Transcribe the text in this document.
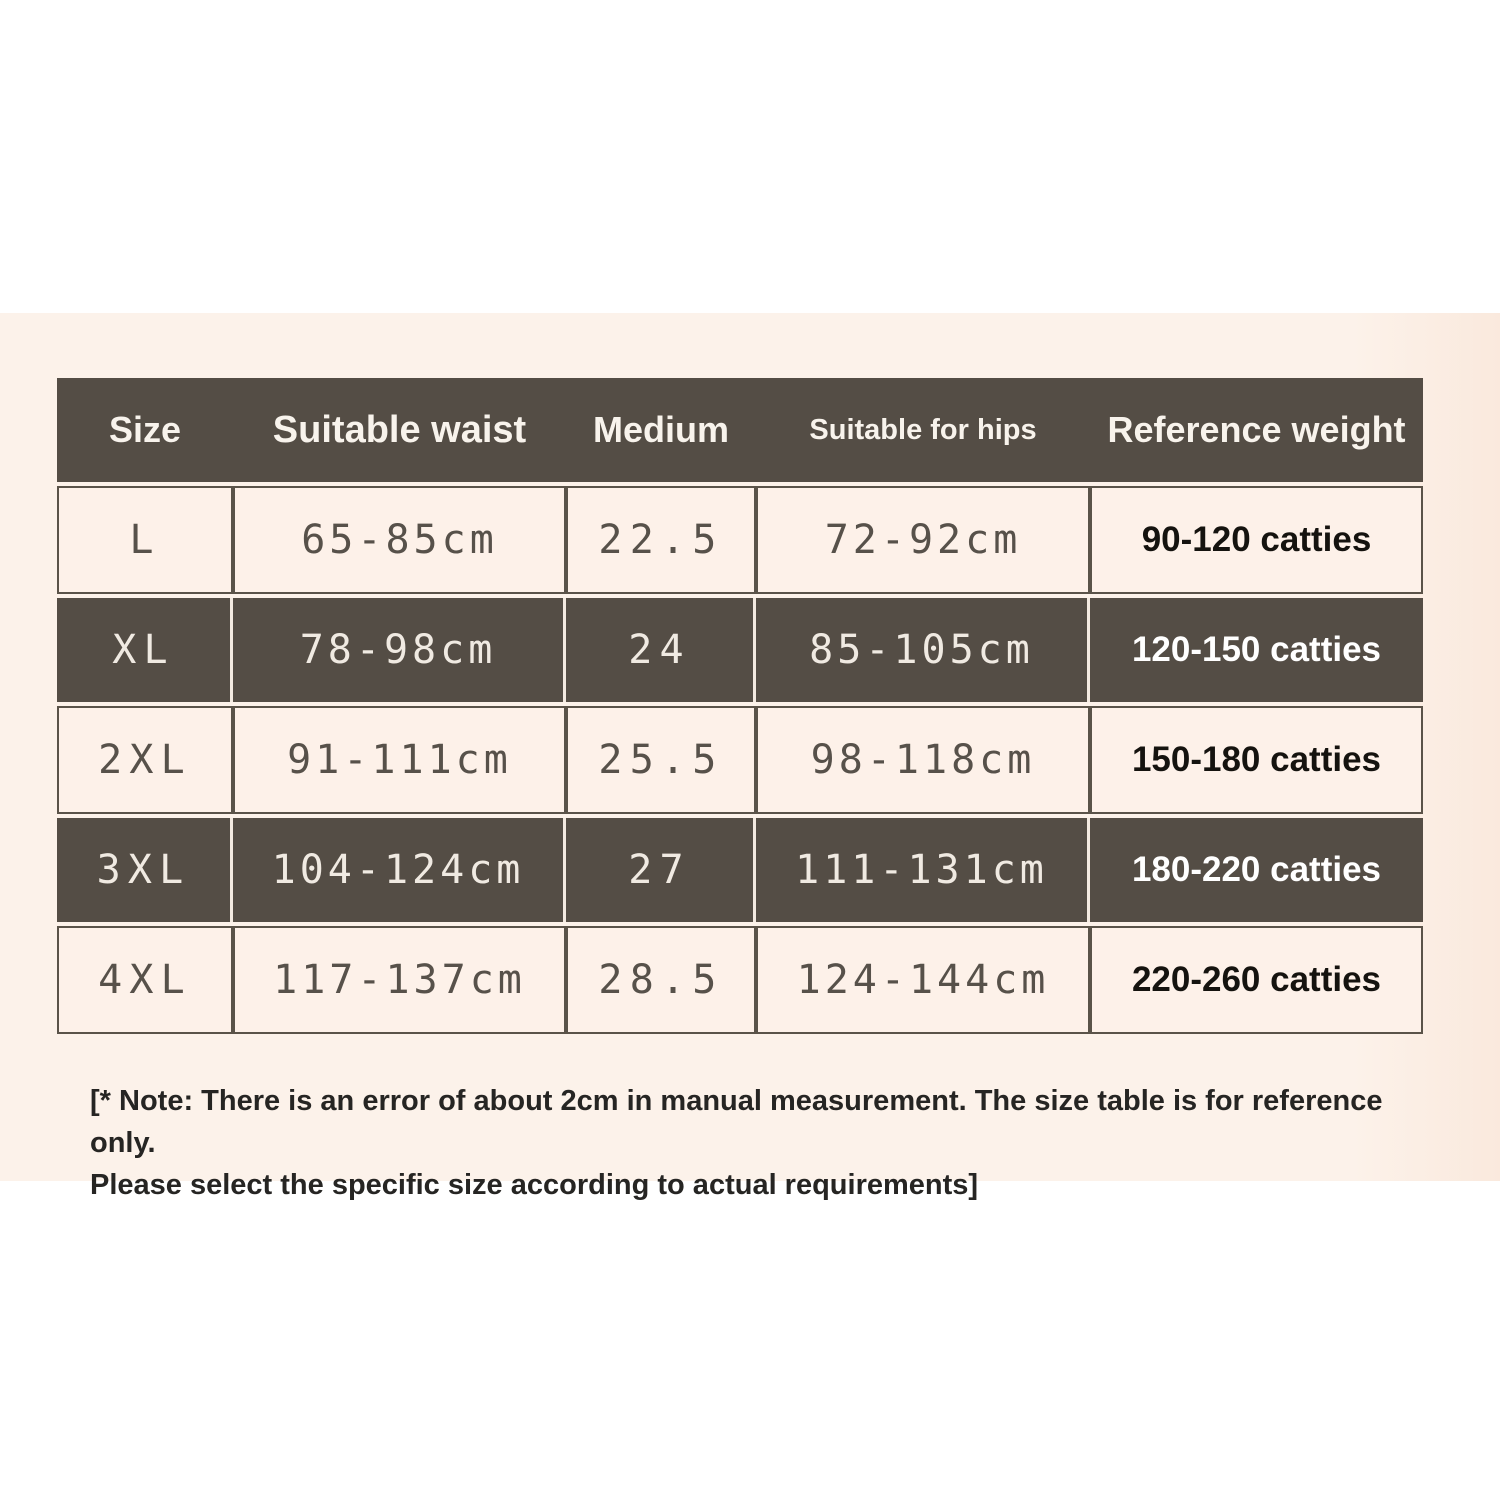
Size	Suitable waist	Medium	Suitable for hips	Reference weight
L	65-85cm	22.5	72-92cm	90-120 catties
XL	78-98cm	24	85-105cm	120-150 catties
2XL	91-111cm	25.5	98-118cm	150-180 catties
3XL	104-124cm	27	111-131cm	180-220 catties
4XL	117-137cm	28.5	124-144cm	220-260 catties
[* Note: There is an error of about 2cm in manual measurement. The size table is for reference only.
Please select the specific size according to actual requirements]
